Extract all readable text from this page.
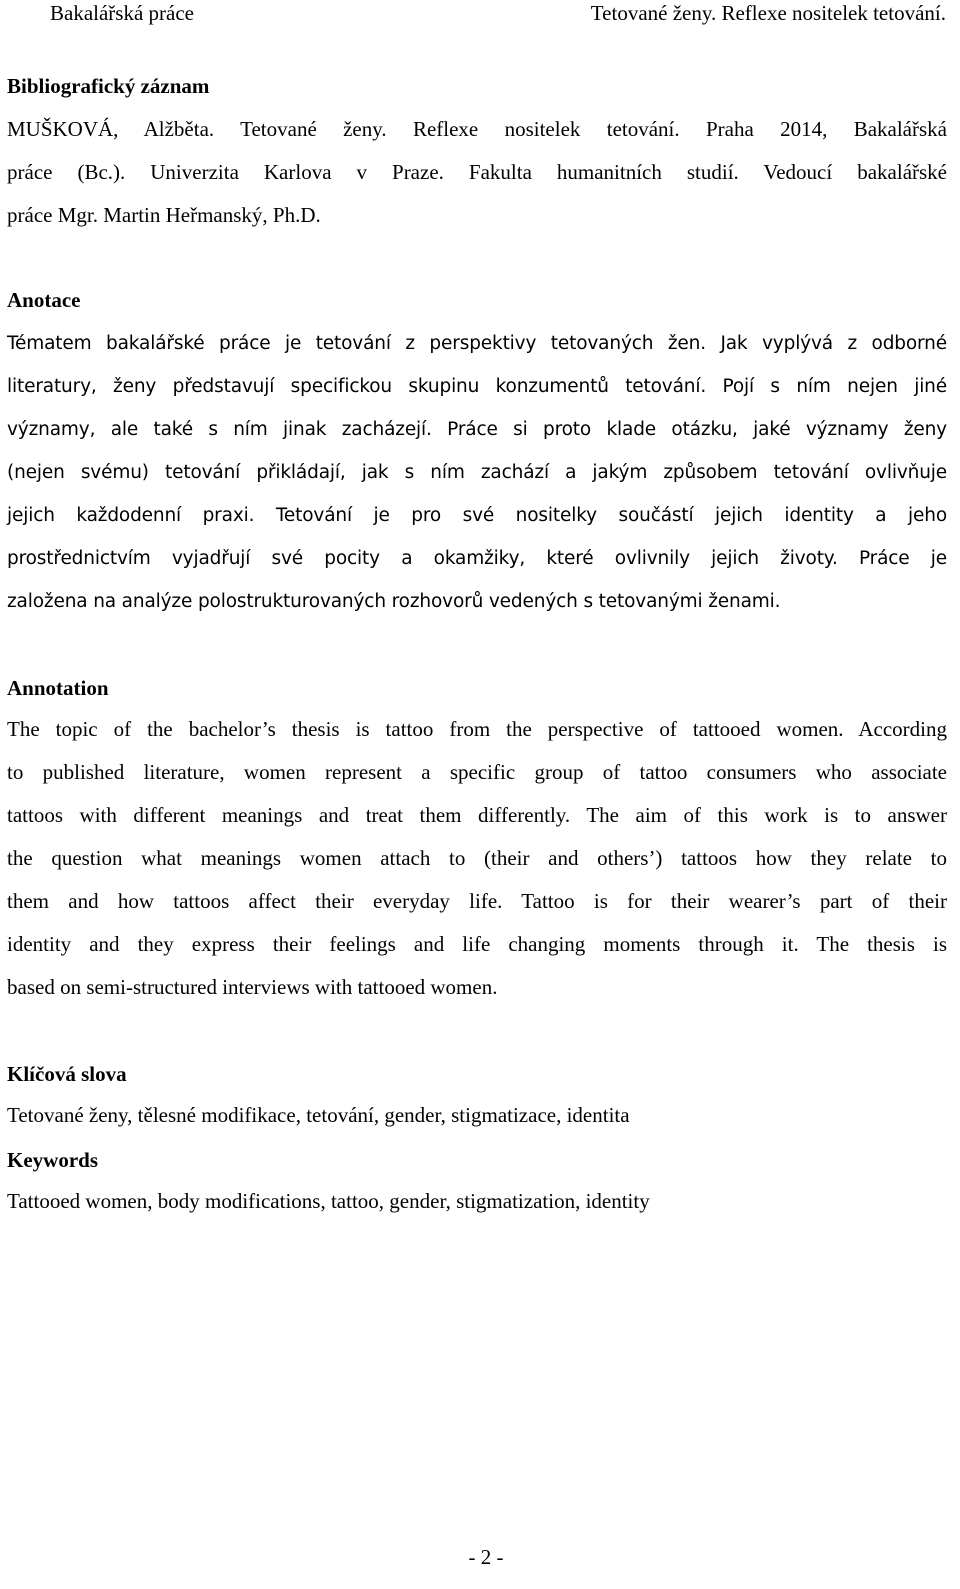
Bakalářská práce	Tetované ženy. Reflexe nositelek tetování.

Bibliografický záznam

MUŠKOVÁ, Alžběta. Tetované ženy. Reflexe nositelek tetování. Praha 2014, Bakalářská
práce (Bc.). Univerzita Karlova v Praze. Fakulta humanitních studií. Vedoucí bakalářské
práce Mgr. Martin Heřmanský, Ph.D.

Anotace

Tématem bakalářské práce je tetování z perspektivy tetovaných žen. Jak vyplývá z odborné
literatury, ženy představují specifickou skupinu konzumentů tetování. Pojí s ním nejen jiné
významy, ale také s ním jinak zacházejí. Práce si proto klade otázku, jaké významy ženy
(nejen svému) tetování přikládají, jak s ním zachází a jakým způsobem tetování ovlivňuje
jejich každodenní praxi. Tetování je pro své nositelky součástí jejich identity a jeho
prostřednictvím vyjadřují své pocity a okamžiky, které ovlivnily jejich životy. Práce je
založena na analýze polostrukturovaných rozhovorů vedených s tetovanými ženami.

Annotation

The topic of the bachelor’s thesis is tattoo from the perspective of tattooed women. According
to published literature, women represent a specific group of tattoo consumers who associate
tattoos with different meanings and treat them differently. The aim of this work is to answer
the question what meanings women attach to (their and others’) tattoos how they relate to
them and how tattoos affect their everyday life. Tattoo is for their wearer’s part of their
identity and they express their feelings and life changing moments through it. The thesis is
based on semi-structured interviews with tattooed women.

Klíčová slova

Tetované ženy, tělesné modifikace, tetování, gender, stigmatizace, identita

Keywords

Tattooed women, body modifications, tattoo, gender, stigmatization, identity

- 2 -
